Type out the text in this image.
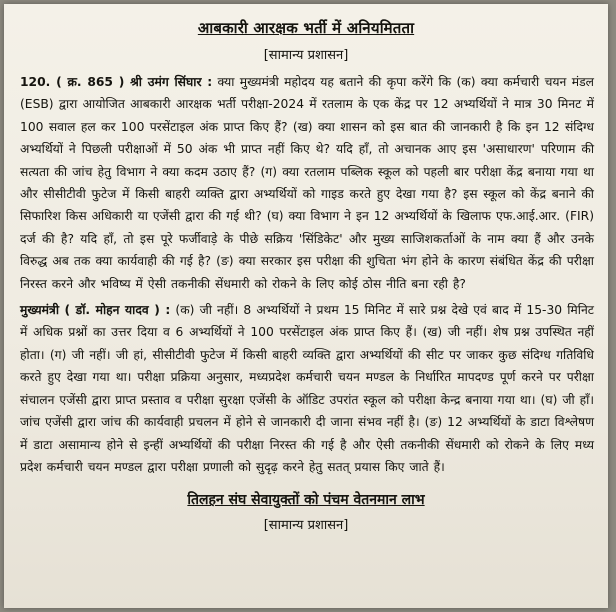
आबकारी आरक्षक भर्ती में अनियमितता
[सामान्य प्रशासन]

120. ( क्र. 865 ) श्री उमंग सिंघार : क्या मुख्यमंत्री महोदय यह बताने की कृपा करेंगे कि (क) क्या कर्मचारी चयन मंडल (ESB) द्वारा आयोजित आबकारी आरक्षक भर्ती परीक्षा-2024 में रतलाम के एक केंद्र पर 12 अभ्यर्थियों ने मात्र 30 मिनट में 100 सवाल हल कर 100 परसेंटाइल अंक प्राप्त किए हैं? (ख) क्या शासन को इस बात की जानकारी है कि इन 12 संदिग्ध अभ्यर्थियों ने पिछली परीक्षाओं में 50 अंक भी प्राप्त नहीं किए थे? यदि हाँ, तो अचानक आए इस 'असाधारण' परिणाम की सत्यता की जांच हेतु विभाग ने क्या कदम उठाए हैं? (ग) क्या रतलाम पब्लिक स्कूल को पहली बार परीक्षा केंद्र बनाया गया था और सीसीटीवी फुटेज में किसी बाहरी व्यक्ति द्वारा अभ्यर्थियों को गाइड करते हुए देखा गया है? इस स्कूल को केंद्र बनाने की सिफारिश किस अधिकारी या एजेंसी द्वारा की गई थी? (घ) क्या विभाग ने इन 12 अभ्यर्थियों के खिलाफ एफ.आई.आर. (FIR) दर्ज की है? यदि हाँ, तो इस पूरे फर्जीवाड़े के पीछे सक्रिय 'सिंडिकेट' और मुख्य साजिशकर्ताओं के नाम क्या हैं और उनके विरुद्ध अब तक क्या कार्यवाही की गई है? (ङ) क्या सरकार इस परीक्षा की शुचिता भंग होने के कारण संबंधित केंद्र की परीक्षा निरस्त करने और भविष्य में ऐसी तकनीकी सेंधमारी को रोकने के लिए कोई ठोस नीति बना रही है?

मुख्यमंत्री ( डॉ. मोहन यादव ) : (क) जी नहीं। 8 अभ्यर्थियों ने प्रथम 15 मिनिट में सारे प्रश्न देखे एवं बाद में 15-30 मिनिट में अधिक प्रश्नों का उत्तर दिया व 6 अभ्यर्थियों ने 100 परसेंटाइल अंक प्राप्त किए हैं। (ख) जी नहीं। शेष प्रश्न उपस्थित नहीं होता। (ग) जी नहीं। जी हां, सीसीटीवी फुटेज में किसी बाहरी व्यक्ति द्वारा अभ्यर्थियों की सीट पर जाकर कुछ संदिग्ध गतिविधि करते हुए देखा गया था। परीक्षा प्रक्रिया अनुसार, मध्यप्रदेश कर्मचारी चयन मण्डल के निर्धारित मापदण्ड पूर्ण करने पर परीक्षा संचालन एजेंसी द्वारा प्राप्त प्रस्ताव व परीक्षा सुरक्षा एजेंसी के ऑडिट उपरांत स्कूल को परीक्षा केन्द्र बनाया गया था। (घ) जी हाँ। जांच एजेंसी द्वारा जांच की कार्यवाही प्रचलन में होने से जानकारी दी जाना संभव नहीं है। (ङ) 12 अभ्यर्थियों के डाटा विश्लेषण में डाटा असामान्य होने से इन्हीं अभ्यर्थियों की परीक्षा निरस्त की गई है और ऐसी तकनीकी सेंधमारी को रोकने के लिए मध्य प्रदेश कर्मचारी चयन मण्डल द्वारा परीक्षा प्रणाली को सुदृढ़ करने हेतु सतत् प्रयास किए जाते हैं।

तिलहन संघ सेवायुक्तों को पंचम वेतनमान लाभ
[सामान्य प्रशासन]
